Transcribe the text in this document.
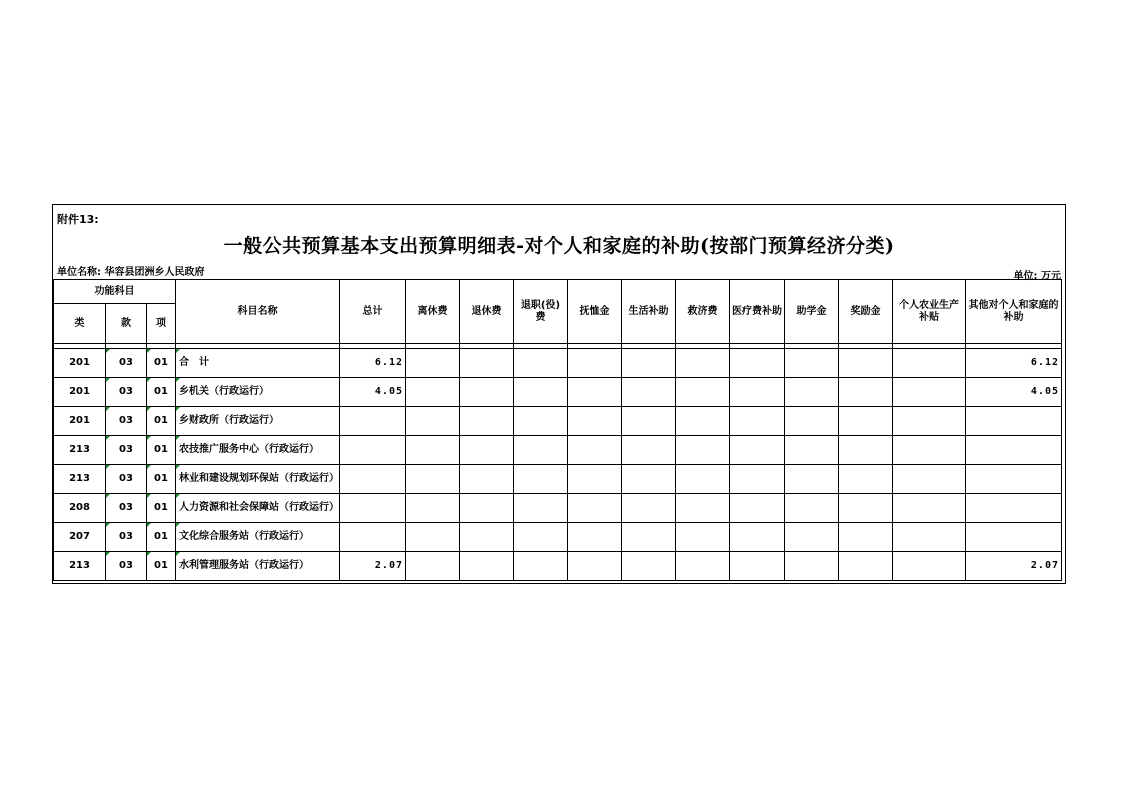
附件13:
一般公共预算基本支出预算明细表-对个人和家庭的补助(按部门预算经济分类)
单位名称: 华容县团洲乡人民政府	单位: 万元
功能科目			科目名称	总计	离休费	退休费	退职(役)费	抚恤金	生活补助	救济费	医疗费补助	助学金	奖励金	个人农业生产补贴	其他对个人和家庭的补助
类	款	项													

201	03	01	合　计	6.12											6.12
201	03	01	乡机关（行政运行）	4.05											4.05
201	03	01	乡财政所（行政运行）												
213	03	01	农技推广服务中心（行政运行）												
213	03	01	林业和建设规划环保站（行政运行）												
208	03	01	人力资源和社会保障站（行政运行）												
207	03	01	文化综合服务站（行政运行）												
213	03	01	水利管理服务站（行政运行）	2.07											2.07
